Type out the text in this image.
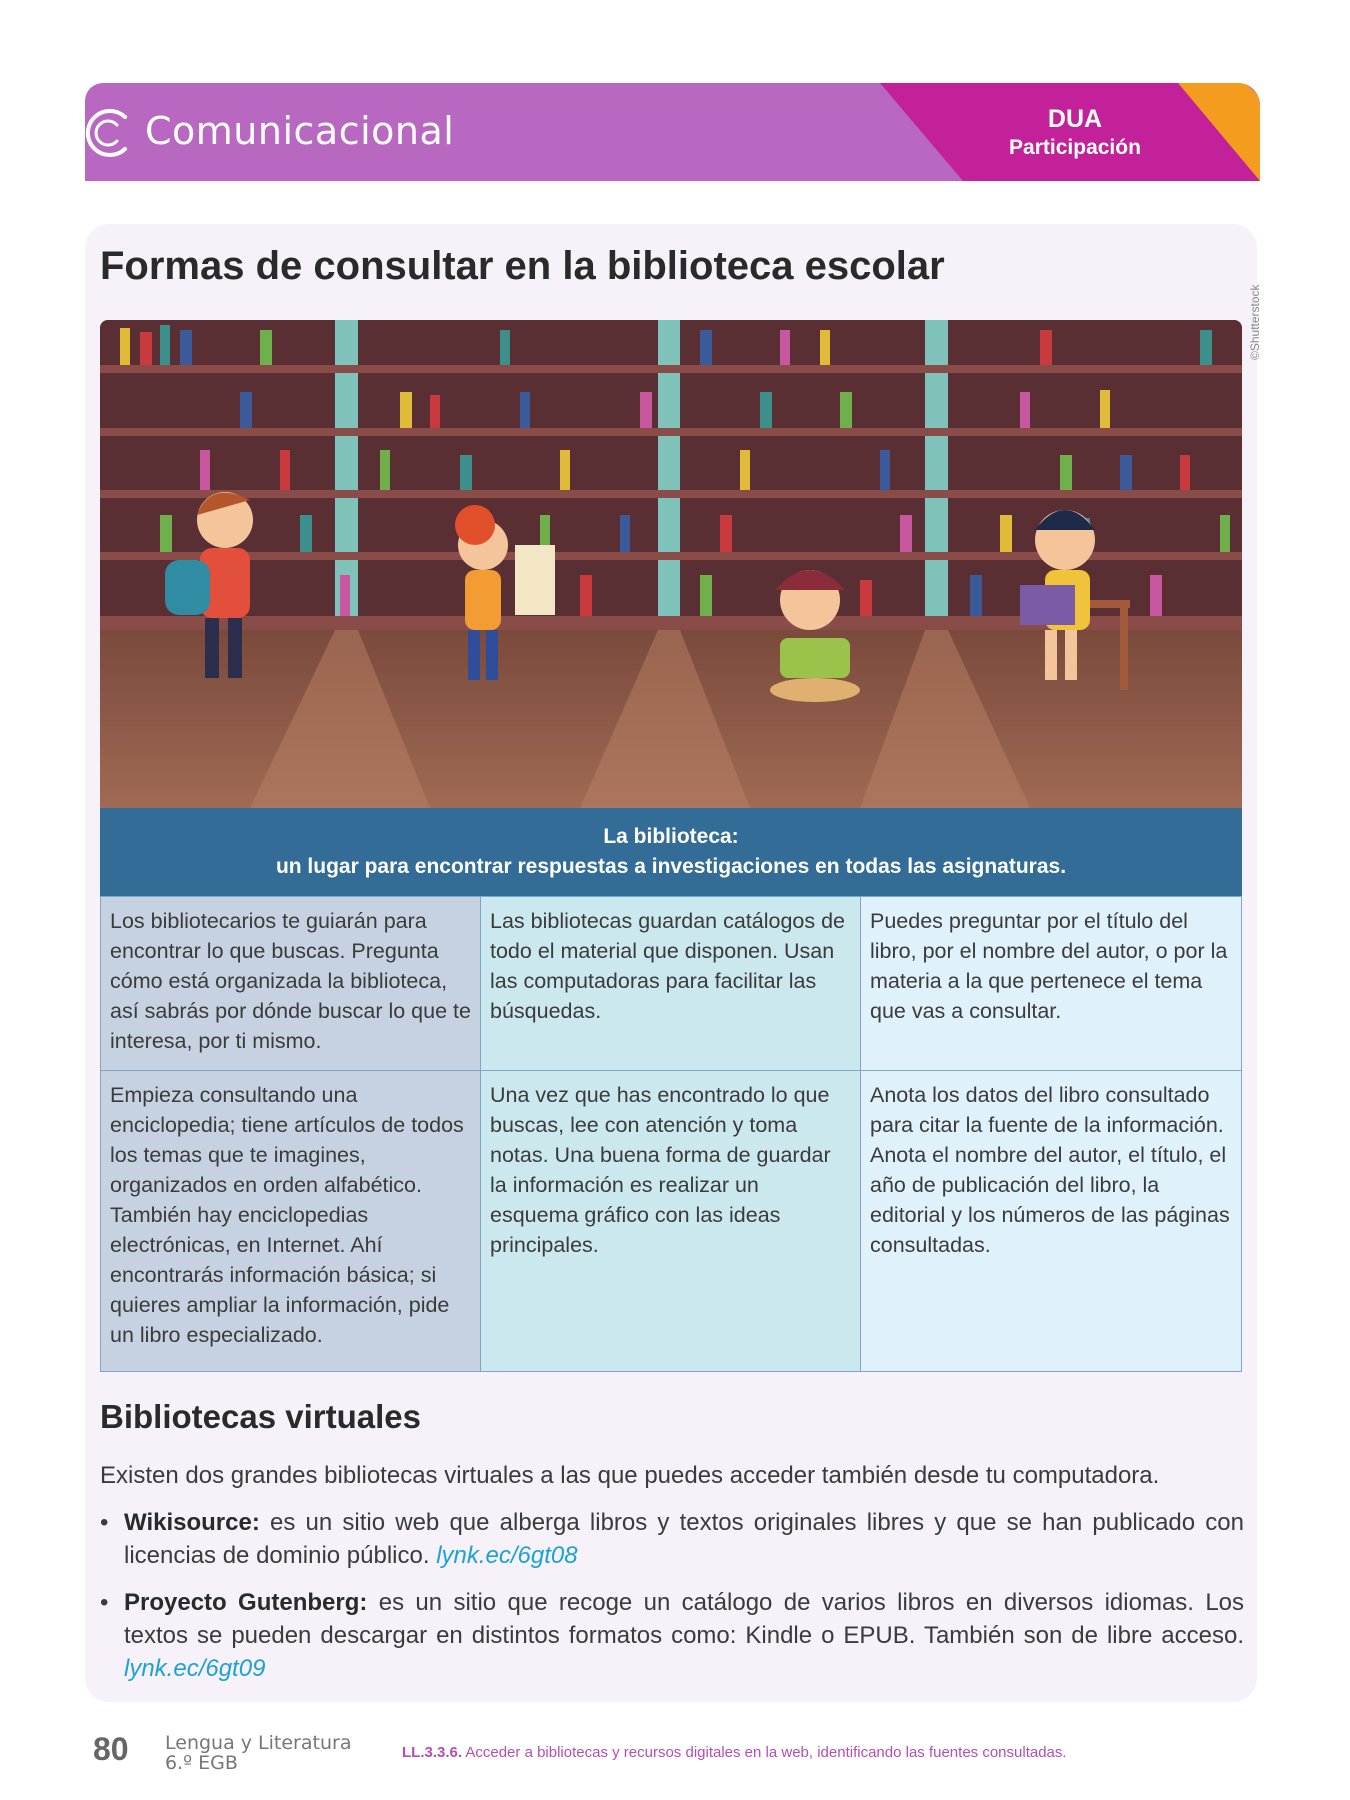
Comunicacional	DUA
Participación
Formas de consultar en la biblioteca escolar
©Shutterstock
La biblioteca:
un lugar para encontrar respuestas a investigaciones en todas las asignaturas.
Los bibliotecarios te guiarán para encontrar lo que buscas. Pregunta cómo está organizada la biblioteca, así sabrás por dónde buscar lo que te interesa, por ti mismo.
Las bibliotecas guardan catálogos de todo el material que disponen. Usan las computadoras para facilitar las búsquedas.
Puedes preguntar por el título del libro, por el nombre del autor, o por la materia a la que pertenece el tema que vas a consultar.
Empieza consultando una enciclopedia; tiene artículos de todos los temas que te imagines, organizados en orden alfabético. También hay enciclopedias electrónicas, en Internet. Ahí encontrarás información básica; si quieres ampliar la información, pide un libro especializado.
Una vez que has encontrado lo que buscas, lee con atención y toma notas. Una buena forma de guardar la información es realizar un esquema gráfico con las ideas principales.
Anota los datos del libro consultado para citar la fuente de la información. Anota el nombre del autor, el título, el año de publicación del libro, la editorial y los números de las páginas consultadas.
Bibliotecas virtuales
Existen dos grandes bibliotecas virtuales a las que puedes acceder también desde tu computadora.
• Wikisource: es un sitio web que alberga libros y textos originales libres y que se han publicado con licencias de dominio público. lynk.ec/6gt08
• Proyecto Gutenberg: es un sitio que recoge un catálogo de varios libros en diversos idiomas. Los textos se pueden descargar en distintos formatos como: Kindle o EPUB. También son de libre acceso. lynk.ec/6gt09
80 Lengua y Literatura
6.º EGB	LL.3.3.6. Acceder a bibliotecas y recursos digitales en la web, identificando las fuentes consultadas.
